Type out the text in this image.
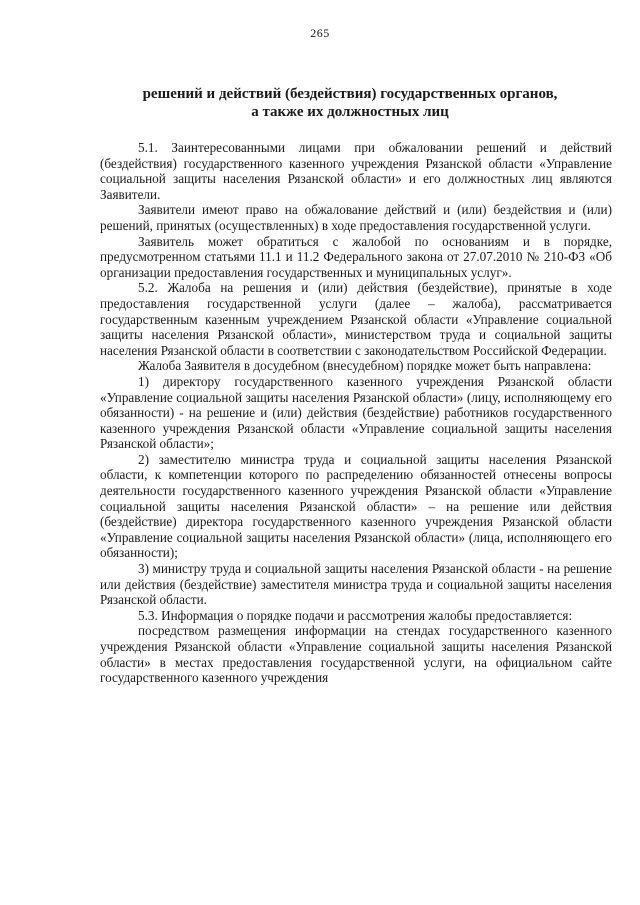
265
решений и действий (бездействия) государственных органов,
а также их должностных лиц

5.1. Заинтересованными лицами при обжаловании решений и действий (бездействия) государственного казенного учреждения Рязанской области «Управление социальной защиты населения Рязанской области» и его должностных лиц являются Заявители.

Заявители имеют право на обжалование действий и (или) бездействия и (или) решений, принятых (осуществленных) в ходе предоставления государственной услуги.

Заявитель может обратиться с жалобой по основаниям и в порядке, предусмотренном статьями 11.1 и 11.2 Федерального закона от 27.07.2010 № 210-ФЗ «Об организации предоставления государственных и муниципальных услуг».

5.2. Жалоба на решения и (или) действия (бездействие), принятые в ходе предоставления государственной услуги (далее – жалоба), рассматривается государственным казенным учреждением Рязанской области «Управление социальной защиты населения Рязанской области», министерством труда и социальной защиты населения Рязанской области в соответствии с законодательством Российской Федерации.

Жалоба Заявителя в досудебном (внесудебном) порядке может быть направлена:

1) директору государственного казенного учреждения Рязанской области «Управление социальной защиты населения Рязанской области» (лицу, исполняющему его обязанности) - на решение и (или) действия (бездействие) работников государственного казенного учреждения Рязанской области «Управление социальной защиты населения Рязанской области»;

2) заместителю министра труда и социальной защиты населения Рязанской области, к компетенции которого по распределению обязанностей отнесены вопросы деятельности государственного казенного учреждения Рязанской области «Управление социальной защиты населения Рязанской области» – на решение или действия (бездействие) директора государственного казенного учреждения Рязанской области «Управление социальной защиты населения Рязанской области» (лица, исполняющего его обязанности);

3) министру труда и социальной защиты населения Рязанской области - на решение или действия (бездействие) заместителя министра труда и социальной защиты населения Рязанской области.

5.3. Информация о порядке подачи и рассмотрения жалобы предоставляется:

посредством размещения информации на стендах государственного казенного учреждения Рязанской области «Управление социальной защиты населения Рязанской области» в местах предоставления государственной услуги, на официальном сайте государственного казенного учреждения
